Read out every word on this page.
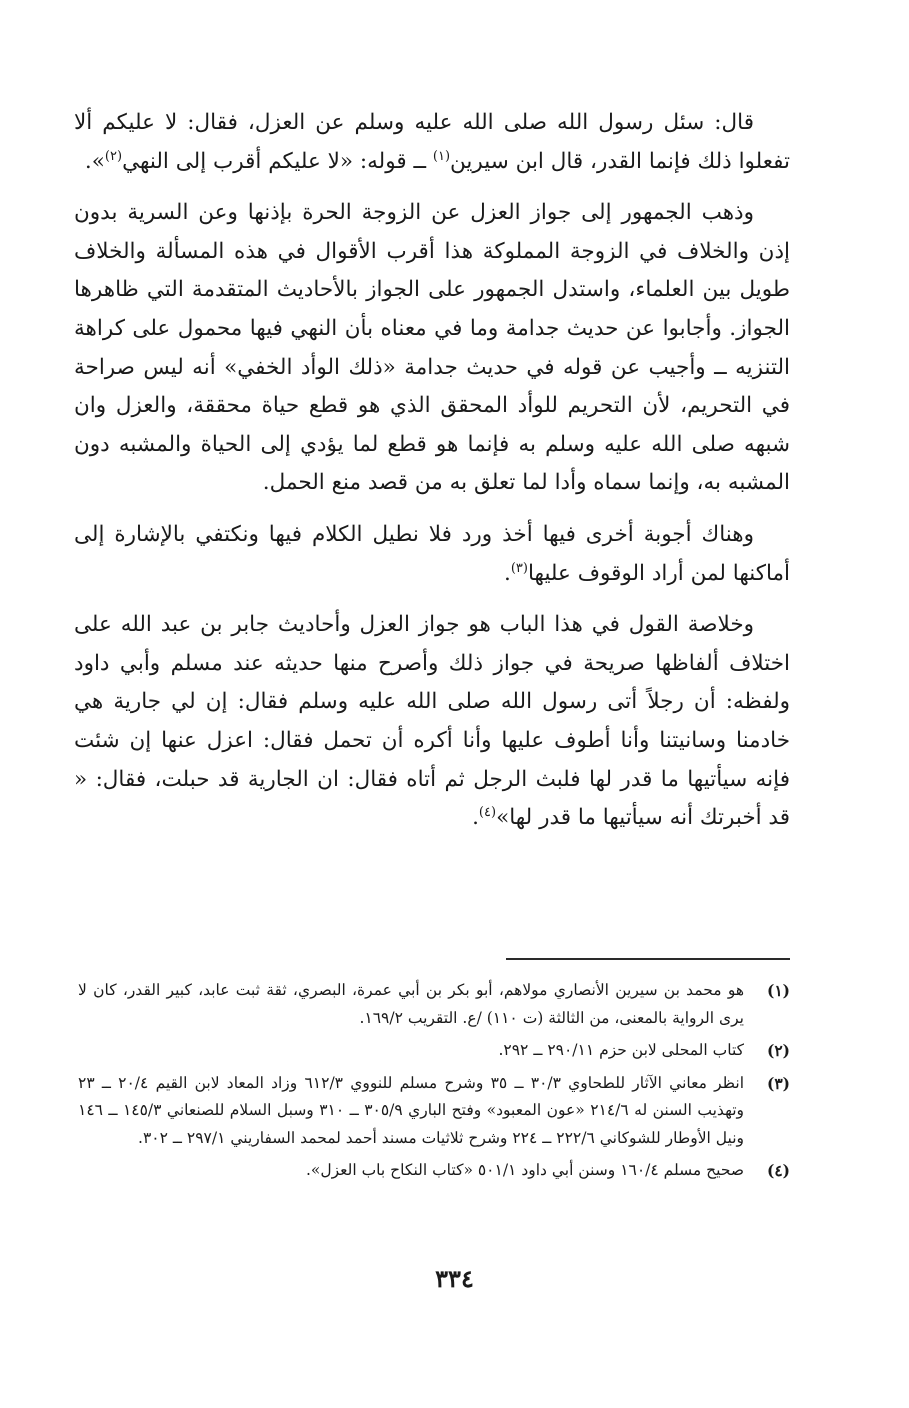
قال: سئل رسول الله صلى الله عليه وسلم عن العزل، فقال: لا عليكم ألا تفعلوا ذلك فإنما القدر، قال ابن سيرين$^{(١)}$ ــ قوله: «لا عليكم أقرب إلى النهي$^{(٢)}$».

وذهب الجمهور إلى جواز العزل عن الزوجة الحرة بإذنها وعن السرية بدون إذن والخلاف في الزوجة المملوكة هذا أقرب الأقوال في هذه المسألة والخلاف طويل بين العلماء، واستدل الجمهور على الجواز بالأحاديث المتقدمة التي ظاهرها الجواز. وأجابوا عن حديث جدامة وما في معناه بأن النهي فيها محمول على كراهة التنزيه ــ وأجيب عن قوله في حديث جدامة «ذلك الوأد الخفي» أنه ليس صراحة في التحريم، لأن التحريم للوأد المحقق الذي هو قطع حياة محققة، والعزل وان شبهه صلى الله عليه وسلم به فإنما هو قطع لما يؤدي إلى الحياة والمشبه دون المشبه به، وإنما سماه وأدا لما تعلق به من قصد منع الحمل.

وهناك أجوبة أخرى فيها أخذ ورد فلا نطيل الكلام فيها ونكتفي بالإشارة إلى أماكنها لمن أراد الوقوف عليها$^{(٣)}$.

وخلاصة القول في هذا الباب هو جواز العزل وأحاديث جابر بن عبد الله على اختلاف ألفاظها صريحة في جواز ذلك وأصرح منها حديثه عند مسلم وأبي داود ولفظه: أن رجلاً أتى رسول الله صلى الله عليه وسلم فقال: إن لي جارية هي خادمنا وسانيتنا وأنا أطوف عليها وأنا أكره أن تحمل فقال: اعزل عنها إن شئت فإنه سيأتيها ما قدر لها فلبث الرجل ثم أتاه فقال: ان الجارية قد حبلت، فقال: « قد أخبرتك أنه سيأتيها ما قدر لها»$^{(٤)}$.

(١)
هو محمد بن سيرين الأنصاري مولاهم، أبو بكر بن أبي عمرة، البصري، ثقة ثبت عابد، كبير القدر، كان لا يرى الرواية بالمعنى، من الثالثة (ت ١١٠) /ع. التقريب ١٦٩/٢.
(٢)
كتاب المحلى لابن حزم ٢٩٠/١١ ــ ٢٩٢.
(٣)
انظر معاني الآثار للطحاوي ٣٠/٣ ــ ٣٥ وشرح مسلم للنووي ٦١٢/٣ وزاد المعاد لابن القيم ٢٠/٤ ــ ٢٣ وتهذيب السنن له ٢١٤/٦ «عون المعبود» وفتح الباري ٣٠٥/٩ ــ ٣١٠ وسبل السلام للصنعاني ١٤٥/٣ ــ ١٤٦ ونيل الأوطار للشوكاني ٢٢٢/٦ ــ ٢٢٤ وشرح ثلاثيات مسند أحمد لمحمد السفاريني ٢٩٧/١ ــ ٣٠٢.
(٤)
صحيح مسلم ١٦٠/٤ وسنن أبي داود ٥٠١/١ «كتاب النكاح باب العزل».
٣٣٤
